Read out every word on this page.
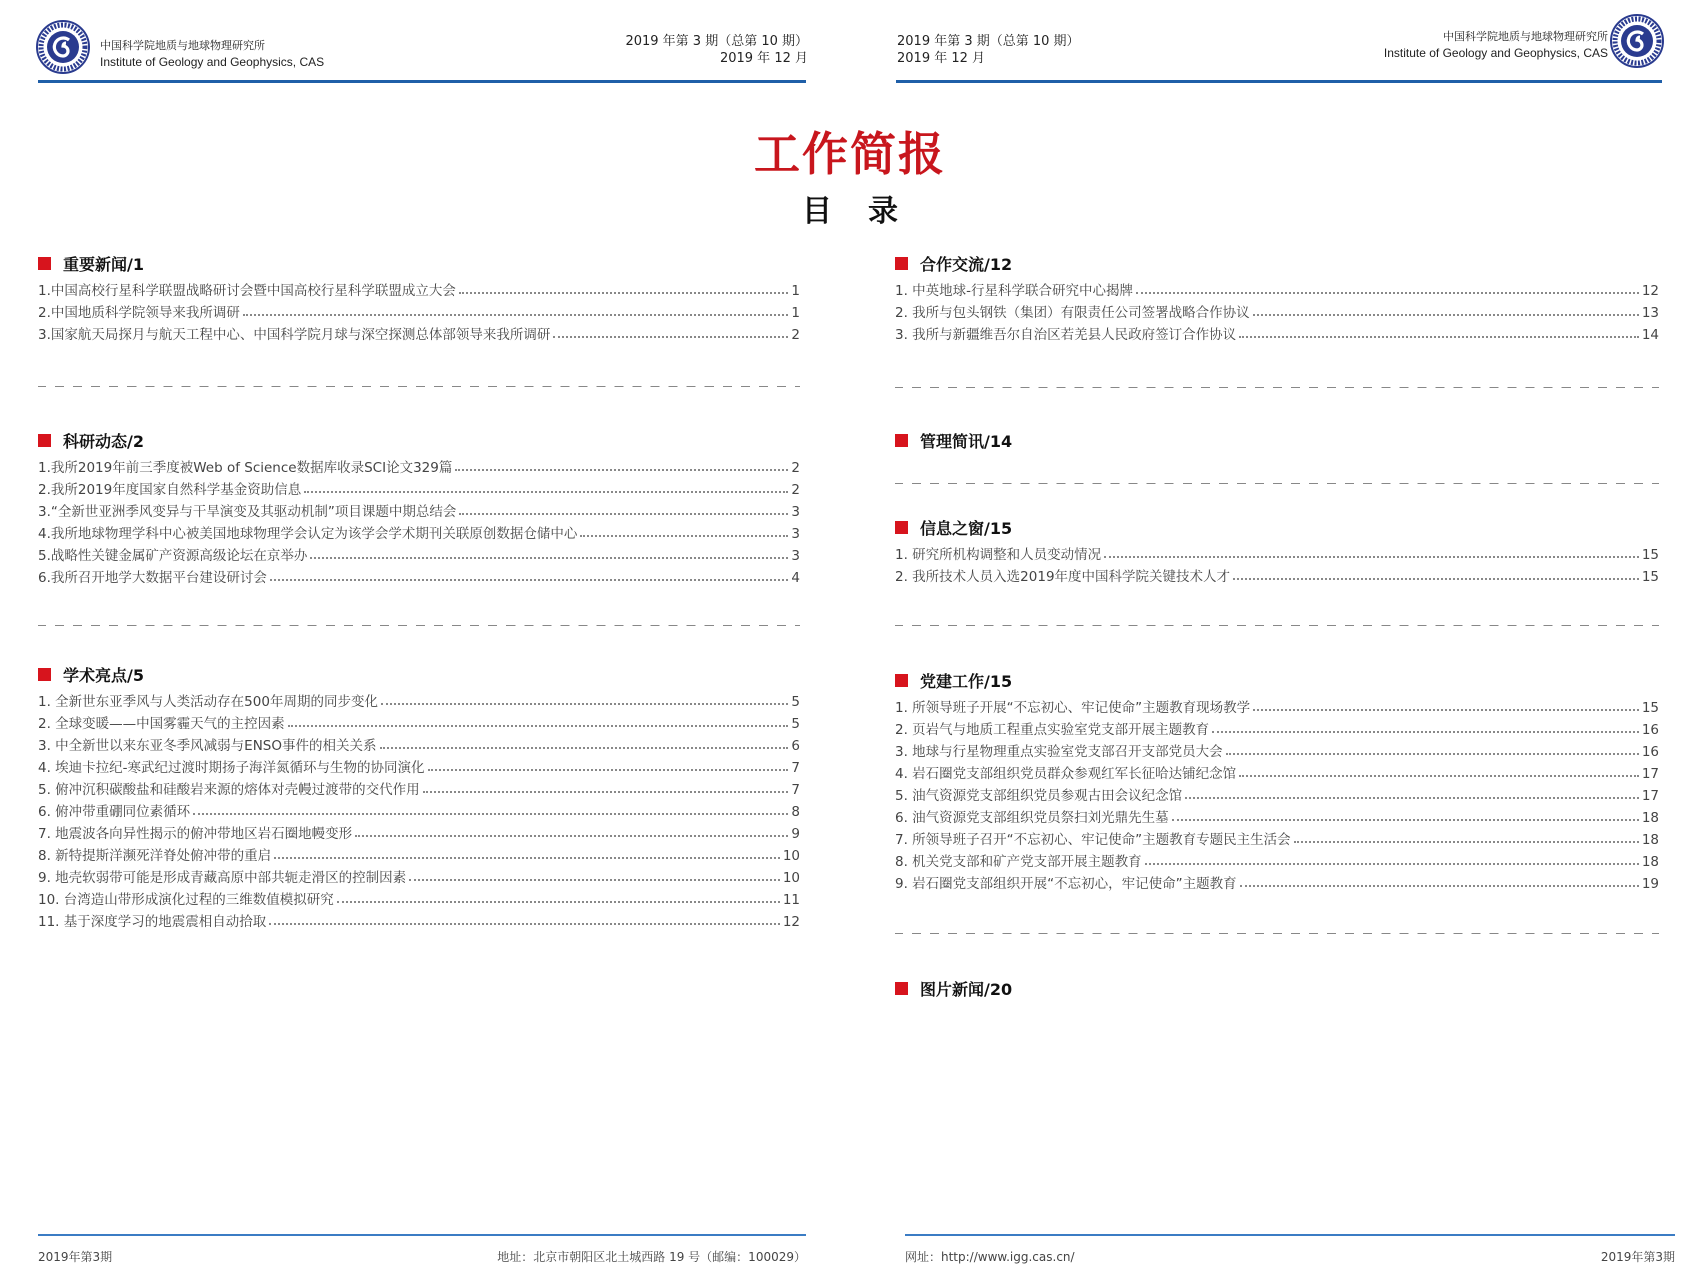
中国科学院地质与地球物理研究所
Institute of Geology and Geophysics, CAS
2019 年第 3 期（总第 10 期）
2019 年 12 月
2019 年第 3 期（总第 10 期）
2019 年 12 月
中国科学院地质与地球物理研究所
Institute of Geology and Geophysics, CAS
工作简报
目录
重要新闻/1
1.中国高校行星科学联盟战略研讨会暨中国高校行星科学联盟成立大会	1
2.中国地质科学院领导来我所调研	1
3.国家航天局探月与航天工程中心、中国科学院月球与深空探测总体部领导来我所调研	2
科研动态/2
1.我所2019年前三季度被Web of Science数据库收录SCI论文329篇	2
2.我所2019年度国家自然科学基金资助信息	2
3.“全新世亚洲季风变异与干旱演变及其驱动机制”项目课题中期总结会	3
4.我所地球物理学科中心被美国地球物理学会认定为该学会学术期刊关联原创数据仓储中心	3
5.战略性关键金属矿产资源高级论坛在京举办	3
6.我所召开地学大数据平台建设研讨会	4
学术亮点/5
1. 全新世东亚季风与人类活动存在500年周期的同步变化	5
2. 全球变暖——中国雾霾天气的主控因素	5
3. 中全新世以来东亚冬季风减弱与ENSO事件的相关关系	6
4. 埃迪卡拉纪-寒武纪过渡时期扬子海洋氮循环与生物的协同演化	7
5. 俯冲沉积碳酸盐和硅酸岩来源的熔体对壳幔过渡带的交代作用	7
6. 俯冲带重硼同位素循环	8
7. 地震波各向异性揭示的俯冲带地区岩石圈地幔变形	9
8. 新特提斯洋濒死洋脊处俯冲带的重启	10
9. 地壳软弱带可能是形成青藏高原中部共轭走滑区的控制因素	10
10. 台湾造山带形成演化过程的三维数值模拟研究	11
11. 基于深度学习的地震震相自动拾取	12
合作交流/12
1. 中英地球-行星科学联合研究中心揭牌	12
2. 我所与包头钢铁（集团）有限责任公司签署战略合作协议	13
3. 我所与新疆维吾尔自治区若羌县人民政府签订合作协议	14
管理简讯/14
信息之窗/15
1. 研究所机构调整和人员变动情况	15
2. 我所技术人员入选2019年度中国科学院关键技术人才	15
党建工作/15
1. 所领导班子开展“不忘初心、牢记使命”主题教育现场教学	15
2. 页岩气与地质工程重点实验室党支部开展主题教育	16
3. 地球与行星物理重点实验室党支部召开支部党员大会	16
4. 岩石圈党支部组织党员群众参观红军长征哈达铺纪念馆	17
5. 油气资源党支部组织党员参观古田会议纪念馆	17
6. 油气资源党支部组织党员祭扫刘光鼎先生墓	18
7. 所领导班子召开“不忘初心、牢记使命”主题教育专题民主生活会	18
8. 机关党支部和矿产党支部开展主题教育	18
9. 岩石圈党支部组织开展“不忘初心，牢记使命”主题教育	19
图片新闻/20
2019年第3期	地址：北京市朝阳区北土城西路 19 号（邮编：100029）	网址：http://www.igg.cas.cn/	2019年第3期
